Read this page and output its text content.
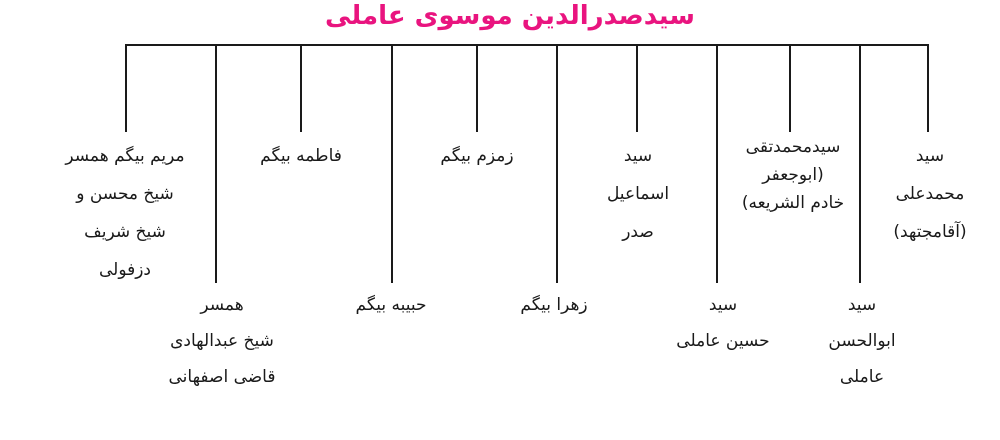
سیدصدرالدین موسوی عاملی
مریم بیگم همسر
شیخ محسن و
شیخ شریف
دزفولی
همسر
شیخ عبدالهادی
قاضی اصفهانی
فاطمه بیگم
حبیبه بیگم
زمزم بیگم
زهرا بیگم
سید
اسماعیل
صدر
سید
حسین عاملی
سیدمحمدتقی
(ابوجعفر
خادم الشریعه)
سید
ابوالحسن
عاملی
سید
محمدعلی
(آقامجتهد)
